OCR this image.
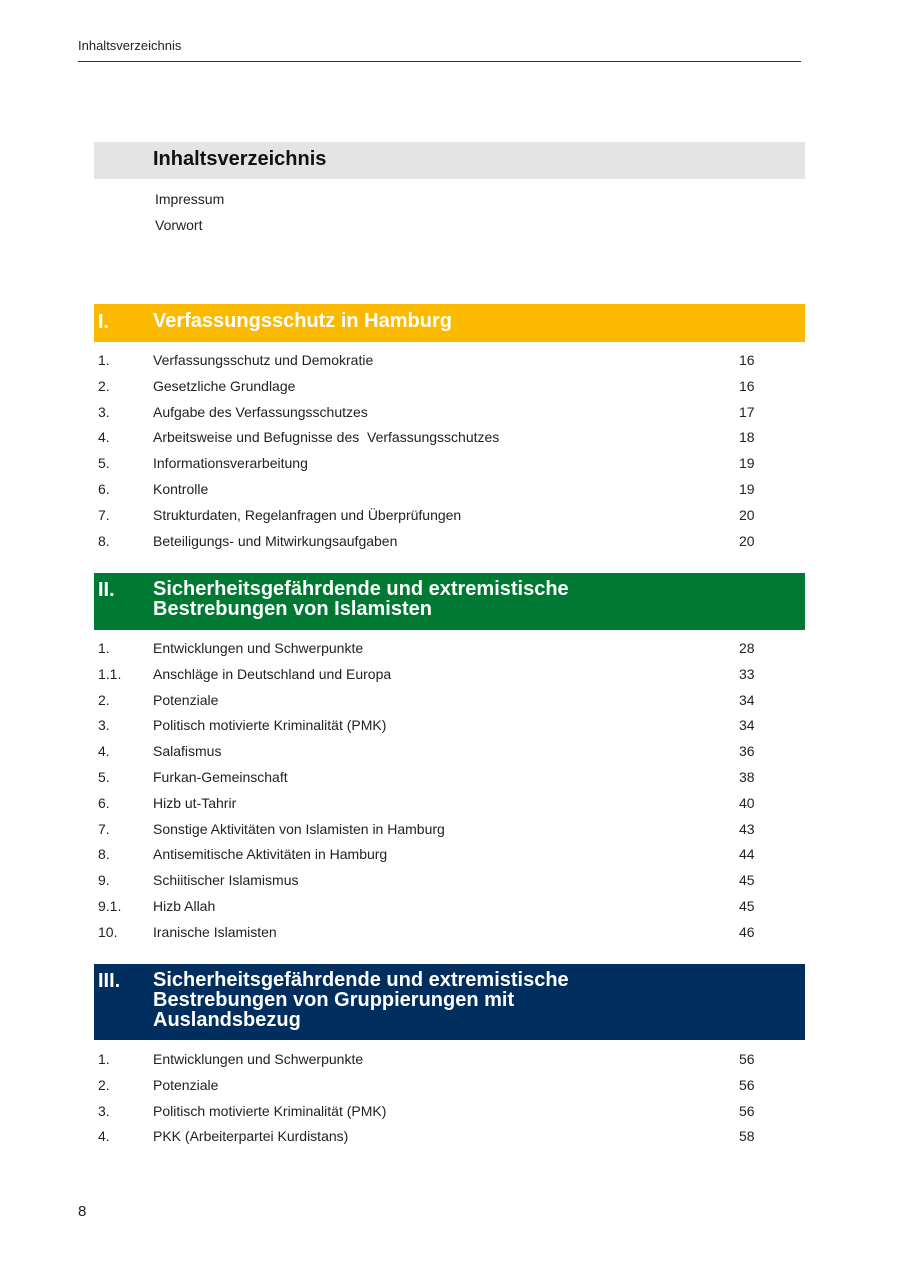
Inhaltsverzeichnis
Inhaltsverzeichnis
Impressum
Vorwort
I. Verfassungsschutz in Hamburg
1.	Verfassungsschutz und Demokratie	16
2.	Gesetzliche Grundlage	16
3.	Aufgabe des Verfassungsschutzes	17
4.	Arbeitsweise und Befugnisse des  Verfassungsschutzes	18
5.	Informationsverarbeitung	19
6.	Kontrolle	19
7.	Strukturdaten, Regelanfragen und Überprüfungen	20
8.	Beteiligungs- und Mitwirkungsaufgaben	20
II. Sicherheitsgefährdende und extremistische
Bestrebungen von Islamisten
1.	Entwicklungen und Schwerpunkte	28
1.1. Anschläge in Deutschland und Europa	33
2.	Potenziale	34
3.	Politisch motivierte Kriminalität (PMK)	34
4.	Salafismus	36
5.	Furkan-Gemeinschaft	38
6.	Hizb ut-Tahrir	40
7.	Sonstige Aktivitäten von Islamisten in Hamburg	43
8.	Antisemitische Aktivitäten in Hamburg	44
9.	Schiitischer Islamismus	45
9.1. Hizb Allah	45
10.	Iranische Islamisten	46
III. Sicherheitsgefährdende und extremistische
Bestrebungen von Gruppierungen mit
Auslandsbezug
1.	Entwicklungen und Schwerpunkte	56
2.	Potenziale	56
3.	Politisch motivierte Kriminalität (PMK)	56
4.	PKK (Arbeiterpartei Kurdistans)	58
8
